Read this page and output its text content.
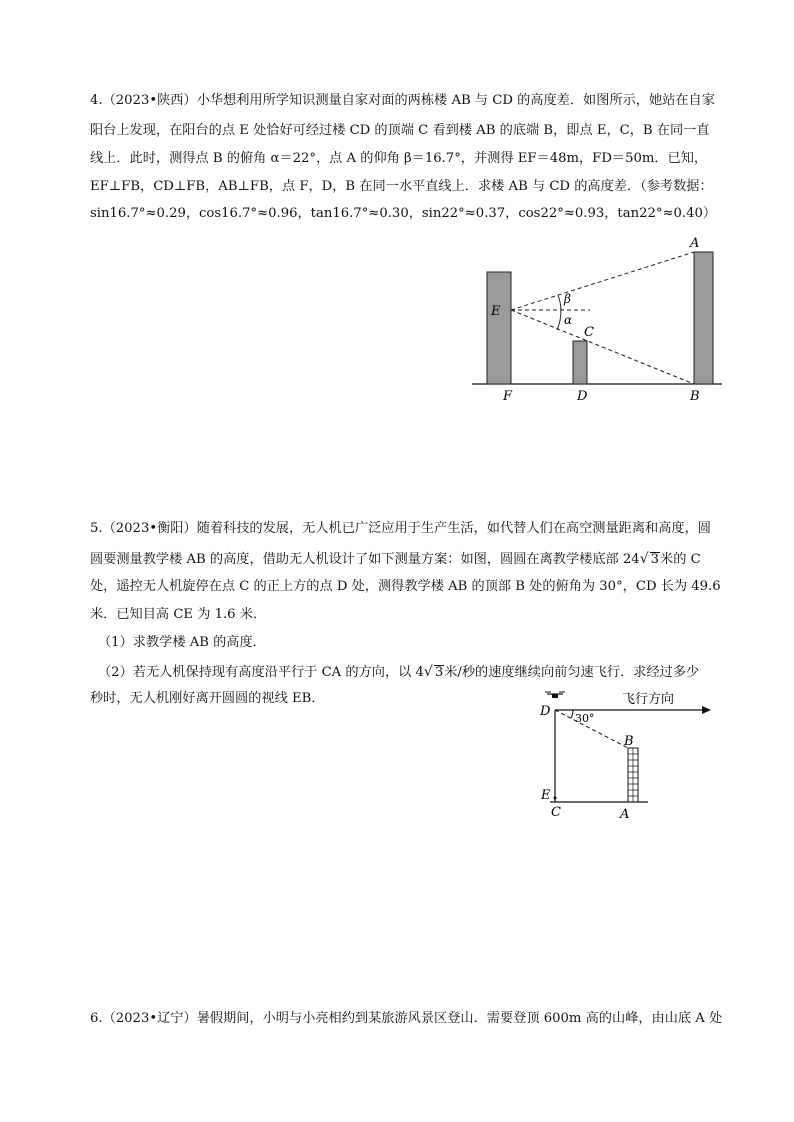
4.（2023•陕西）小华想利用所学知识测量自家对面的两栋楼 AB 与 CD 的高度差．如图所示，她站在自家
阳台上发现，在阳台的点 E 处恰好可经过楼 CD 的顶端 C 看到楼 AB 的底端 B，即点 E，C，B 在同一直
线上．此时，测得点 B 的俯角 α＝22°，点 A 的仰角 β＝16.7°，并测得 EF＝48m，FD＝50m．已知，
EF⊥FB，CD⊥FB，AB⊥FB，点 F，D，B 在同一水平直线上．求楼 AB 与 CD 的高度差．（参考数据：
sin16.7°≈0.29，cos16.7°≈0.96，tan16.7°≈0.30，sin22°≈0.37，cos22°≈0.93，tan22°≈0.40）
A
B
C
D
E
F
β
α
5.（2023•衡阳）随着科技的发展，无人机已广泛应用于生产生活，如代替人们在高空测量距离和高度，圆
圆要测量教学楼 AB 的高度，借助无人机设计了如下测量方案：如图，圆圆在离教学楼底部 24√ 3米的 C
处，遥控无人机旋停在点 C 的正上方的点 D 处，测得教学楼 AB 的顶部 B 处的俯角为 30°，CD 长为 49.6
米．已知目高 CE 为 1.6 米．
（1）求教学楼 AB 的高度．
（2）若无人机保持现有高度沿平行于 CA 的方向，以 4√ 3米/秒的速度继续向前匀速飞行．求经过多少
秒时，无人机刚好离开圆圆的视线 EB．
D 30°
飞行方向
B
E
C	A
6.（2023•辽宁）暑假期间，小明与小亮相约到某旅游风景区登山．需要登顶 600m 高的山峰，由山底 A 处
